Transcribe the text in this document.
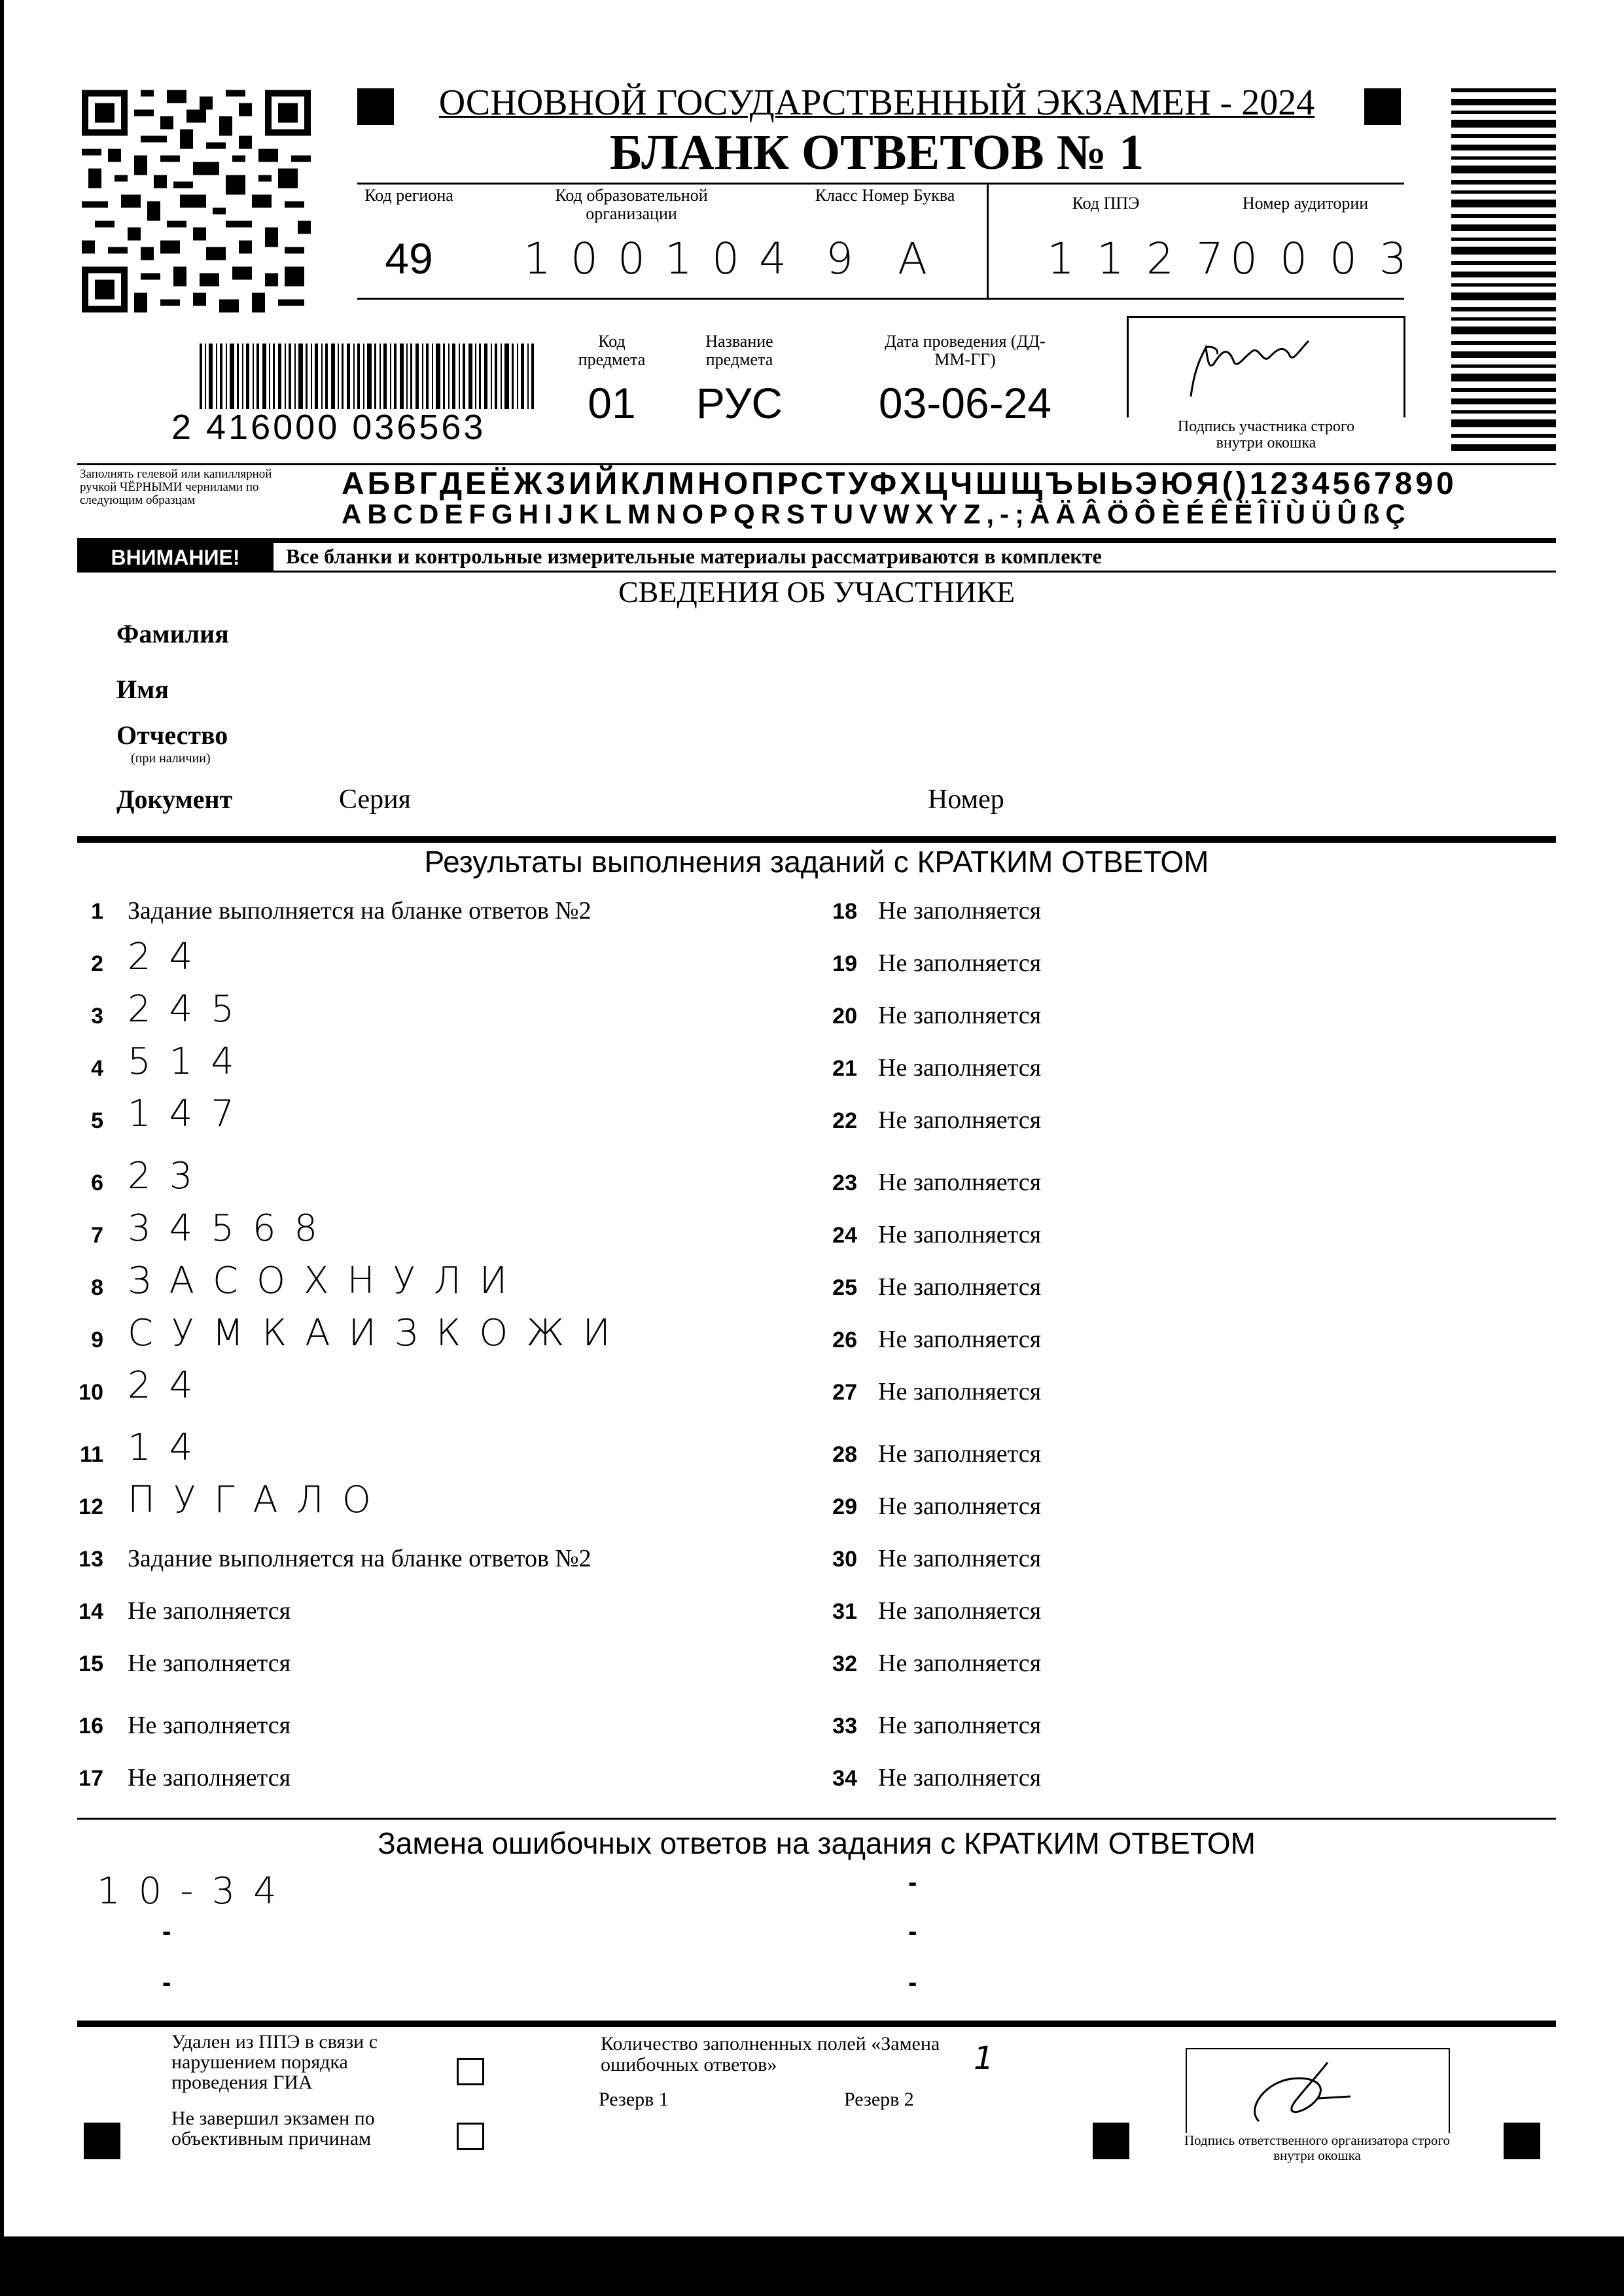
ОСНОВНОЙ ГОСУДАРСТВЕННЫЙ ЭКЗАМЕН - 2024
БЛАНК ОТВЕТОВ № 1
Код региона
49
Код образовательной организации
100104
Класс Номер Буква
9 А
Код ППЭ
1127
Номер аудитории
0003
2 416000 036563
Код предмета
01
Название предмета
РУС
Дата проведения (ДД-ММ-ГГ)
03-06-24	Подпись участника строго внутри окошка
Заполнять гелевой или капиллярной ручкой ЧЁРНЫМИ чернилами по следующим образцам	АБВГДЕЁЖЗИЙКЛМНОПРСТУФХЦЧШЩЪЫЬЭЮЯ()1234567890
ABCDEFGHIJKLMNOPQRSTUVWXYZ,-;ÀÄÂÖÔÈÉÊËÎÏÙÜÛßÇ
ВНИМАНИЕ!	Все бланки и контрольные измерительные материалы рассматриваются в комплекте
СВЕДЕНИЯ ОБ УЧАСТНИКЕ
Фамилия
Имя
Отчество
(при наличии)
Документ	Серия	Номер
Результаты выполнения заданий с КРАТКИМ ОТВЕТОМ
1 Задание выполняется на бланке ответов №2
2 24
3 245
4 514
5 147
6 23
7 34568
8 ЗАСОХНУЛИ
9 СУМКАИЗКОЖИ
10 24
11 14
12 ПУГАЛО
13 Задание выполняется на бланке ответов №2
14 Не заполняется
15 Не заполняется
16 Не заполняется
17 Не заполняется
18 Не заполняется
19 Не заполняется
20 Не заполняется
21 Не заполняется
22 Не заполняется
23 Не заполняется
24 Не заполняется
25 Не заполняется
26 Не заполняется
27 Не заполняется
28 Не заполняется
29 Не заполняется
30 Не заполняется
31 Не заполняется
32 Не заполняется
33 Не заполняется
34 Не заполняется
Замена ошибочных ответов на задания с КРАТКИМ ОТВЕТОМ
10-34
-
-
-
-
-
Удален из ППЭ в связи с нарушением порядка проведения ГИА
Не завершил экзамен по объективным причинам
Количество заполненных полей «Замена ошибочных ответов»	1
Резерв 1	Резерв 2
Подпись ответственного организатора строго внутри окошка
